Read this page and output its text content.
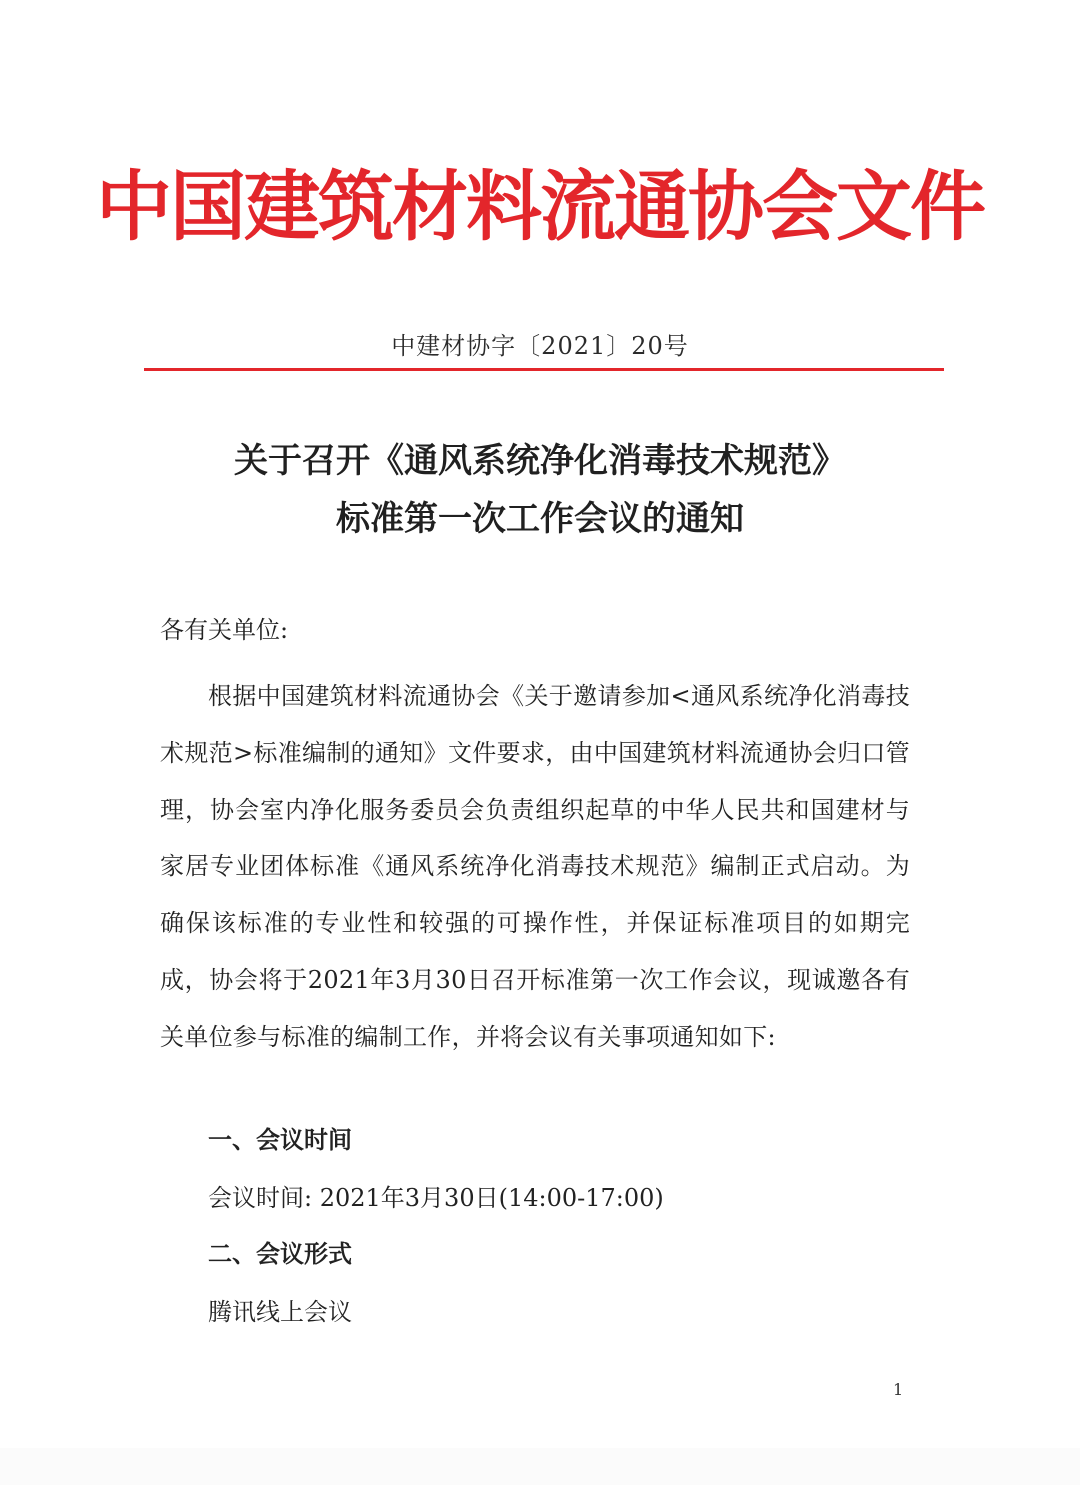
中国建筑材料流通协会文件
中建材协字〔2021〕20号
关于召开《通风系统净化消毒技术规范》
标准第一次工作会议的通知
各有关单位:
根据中国建筑材料流通协会《关于邀请参加<通风系统净化消毒技术规范>标准编制的通知》文件要求，由中国建筑材料流通协会归口管理，协会室内净化服务委员会负责组织起草的中华人民共和国建材与家居专业团体标准《通风系统净化消毒技术规范》编制正式启动。为确保该标准的专业性和较强的可操作性，并保证标准项目的如期完成，协会将于2021年3月30日召开标准第一次工作会议，现诚邀各有关单位参与标准的编制工作，并将会议有关事项通知如下:
一、会议时间
会议时间: 2021年3月30日(14:00-17:00)
二、会议形式
腾讯线上会议
1
